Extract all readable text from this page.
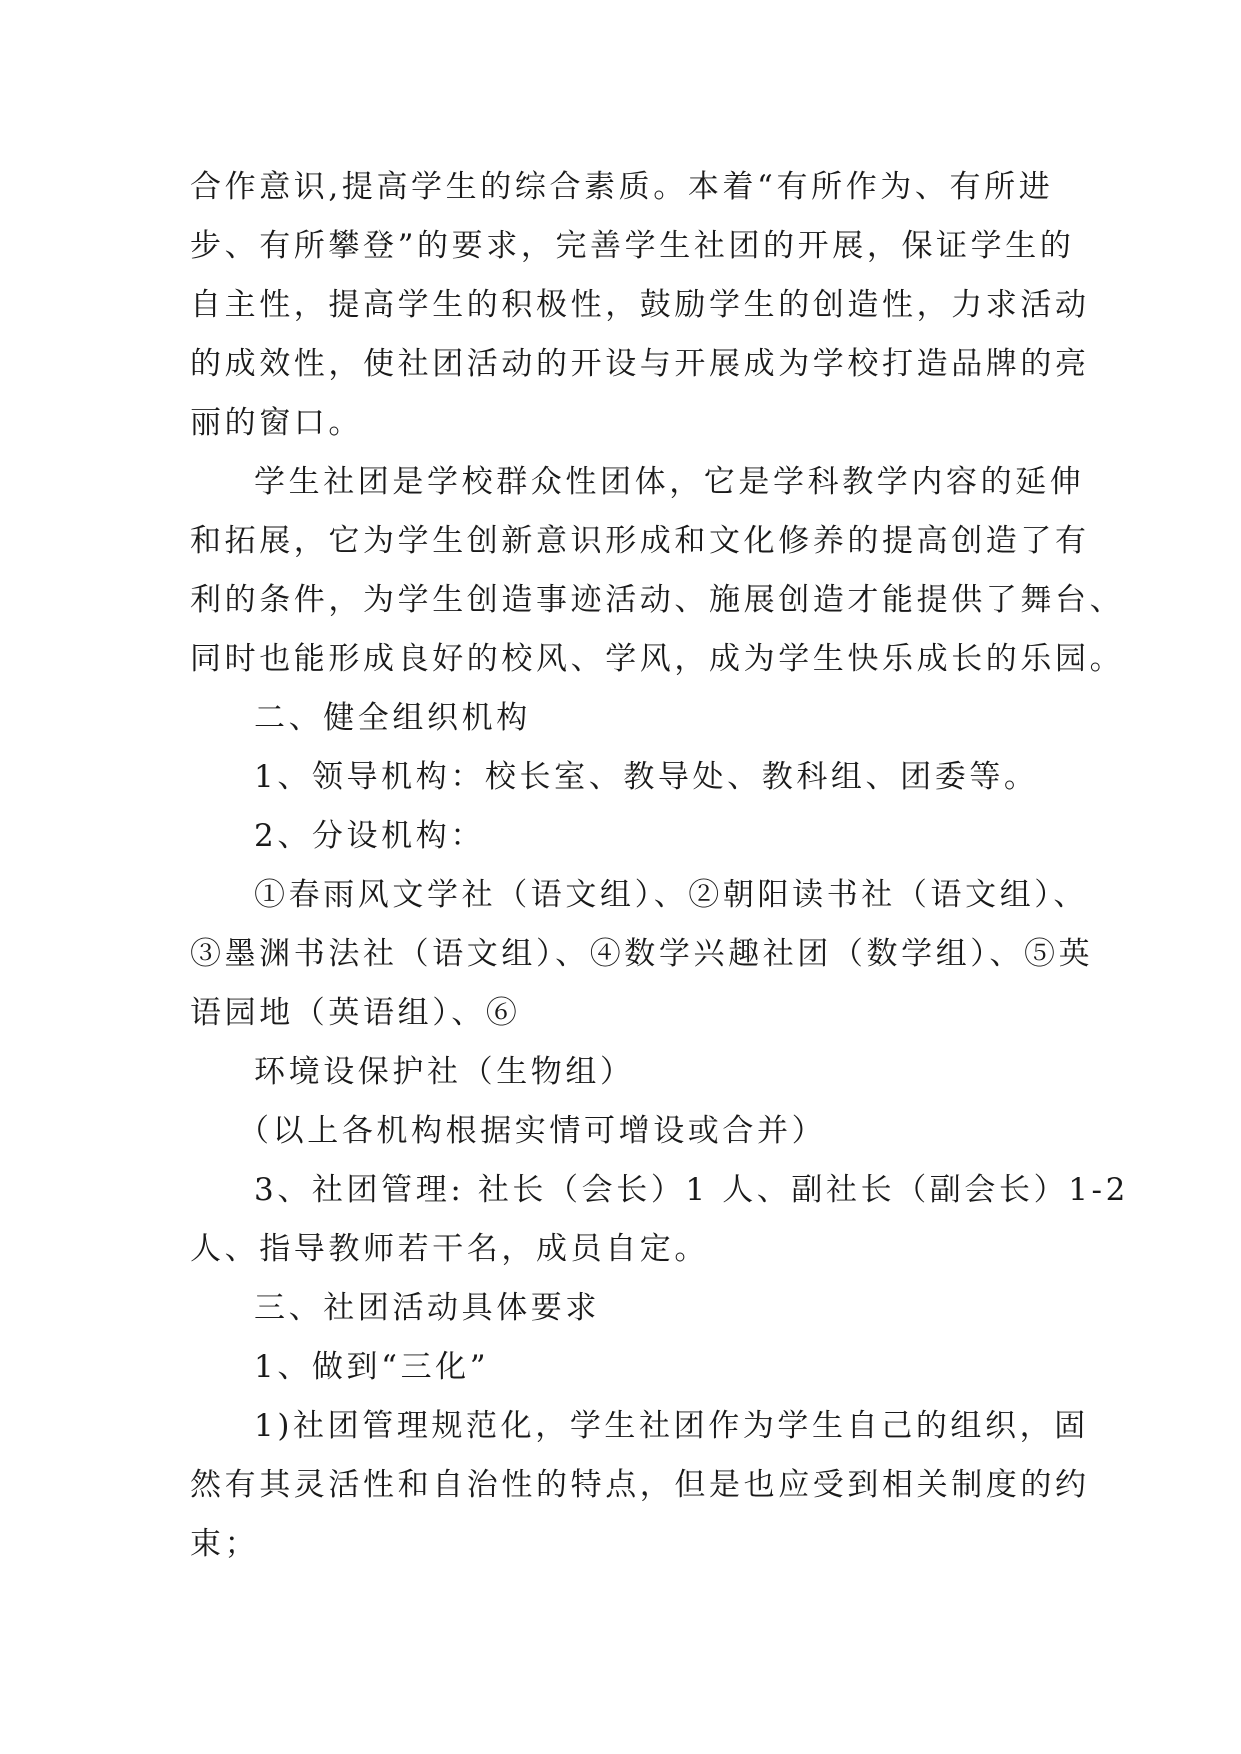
合作意识,提高学生的综合素质。本着“有所作为、有所进
步、有所攀登”的要求，完善学生社团的开展，保证学生的
自主性，提高学生的积极性，鼓励学生的创造性，力求活动
的成效性，使社团活动的开设与开展成为学校打造品牌的亮
丽的窗口。
学生社团是学校群众性团体，它是学科教学内容的延伸
和拓展，它为学生创新意识形成和文化修养的提高创造了有
利的条件，为学生创造事迹活动、施展创造才能提供了舞台、
同时也能形成良好的校风、学风，成为学生快乐成长的乐园。
二、健全组织机构
1、领导机构：校长室、教导处、教科组、团委等。
2、分设机构：
①春雨风文学社（语文组）、②朝阳读书社（语文组）、
③墨渊书法社（语文组）、④数学兴趣社团（数学组）、⑤英
语园地（英语组）、⑥
环境设保护社（生物组）
（以上各机构根据实情可增设或合并）
3、社团管理: 社长（会长）1 人、副社长（副会长）1-2
人、指导教师若干名，成员自定。
三、社团活动具体要求
1、做到“三化”
1)社团管理规范化，学生社团作为学生自己的组织，固
然有其灵活性和自治性的特点，但是也应受到相关制度的约
束；
